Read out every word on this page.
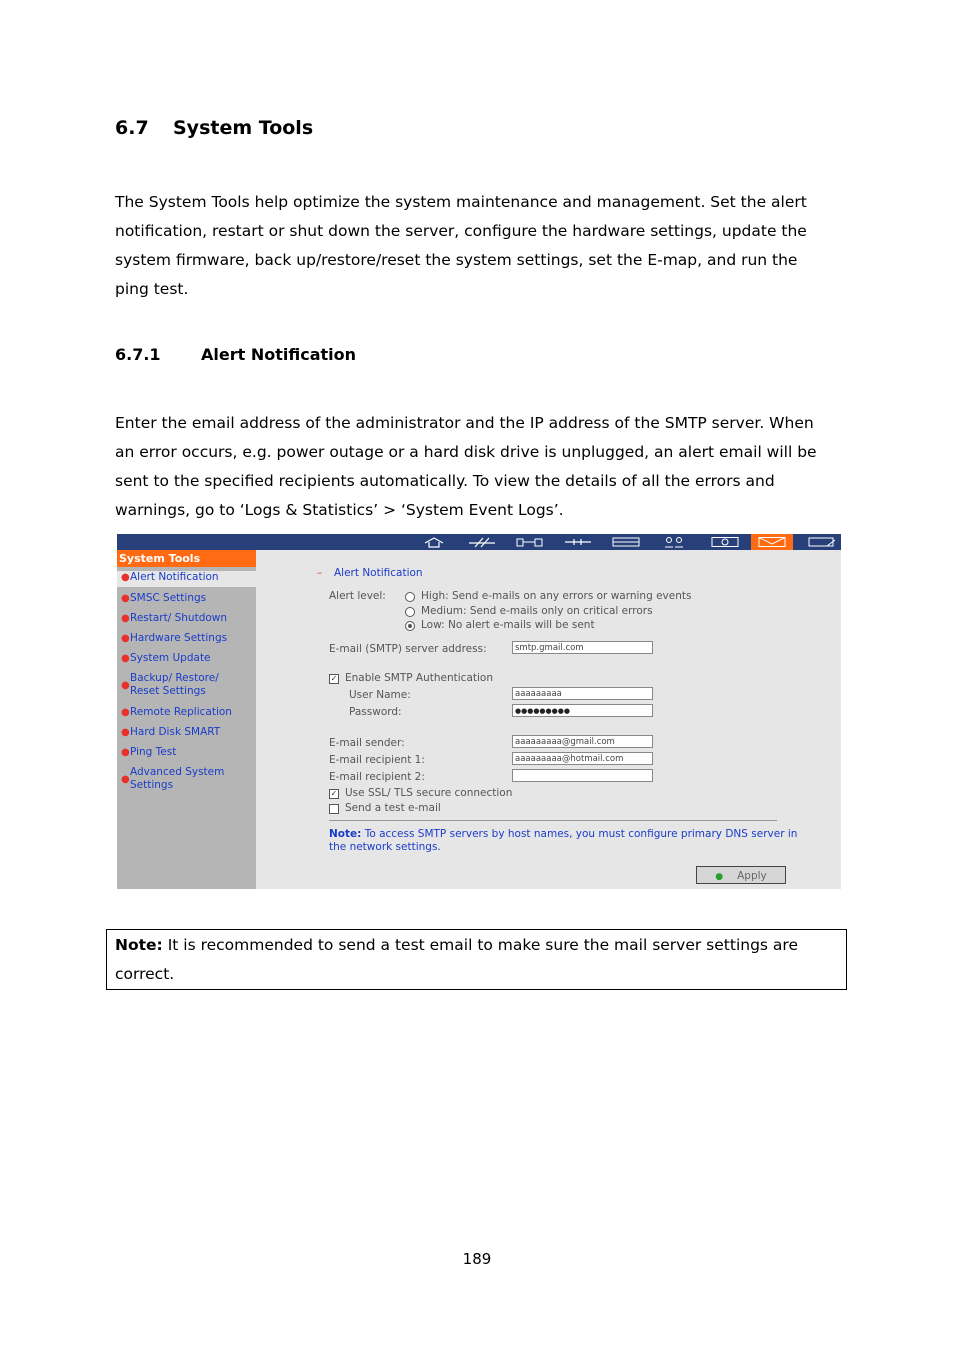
6.7 System Tools
The System Tools help optimize the system maintenance and management. Set the alert
notification, restart or shut down the server, configure the hardware settings, update the
system firmware, back up/restore/reset the system settings, set the E-map, and run the
ping test.
6.7.1	Alert Notification
Enter the email address of the administrator and the IP address of the SMTP server. When
an error occurs, e.g. power outage or a hard disk drive is unplugged, an alert email will be
sent to the specified recipients automatically. To view the details of all the errors and
warnings, go to ‘Logs & Statistics’ > ‘System Event Logs’.
System Tools
● Alert Notification
● SMSC Settings
● Restart/ Shutdown
● Hardware Settings
● System Update
●
Backup/ Restore/ Reset Settings
● Remote Replication
● Hard Disk SMART
● Ping Test
●
Advanced System Settings
– Alert Notification
Alert level:	High: Send e-mails on any errors or warning events
Medium: Send e-mails only on critical errors
Low: No alert e-mails will be sent
E-mail (SMTP) server address:	smtp.gmail.com
✓ Enable SMTP Authentication
User Name:	aaaaaaaaa
Password:	●●●●●●●●●
E-mail sender:	aaaaaaaaa@gmail.com
E-mail recipient 1:	aaaaaaaaa@hotmail.com
E-mail recipient 2:
✓ Use SSL/ TLS secure connection
Send a test e-mail
Note: To access SMTP servers by host names, you must configure primary DNS server in
the network settings.
● Apply
Note: It is recommended to send a test email to make sure the mail server settings are
correct.
189
